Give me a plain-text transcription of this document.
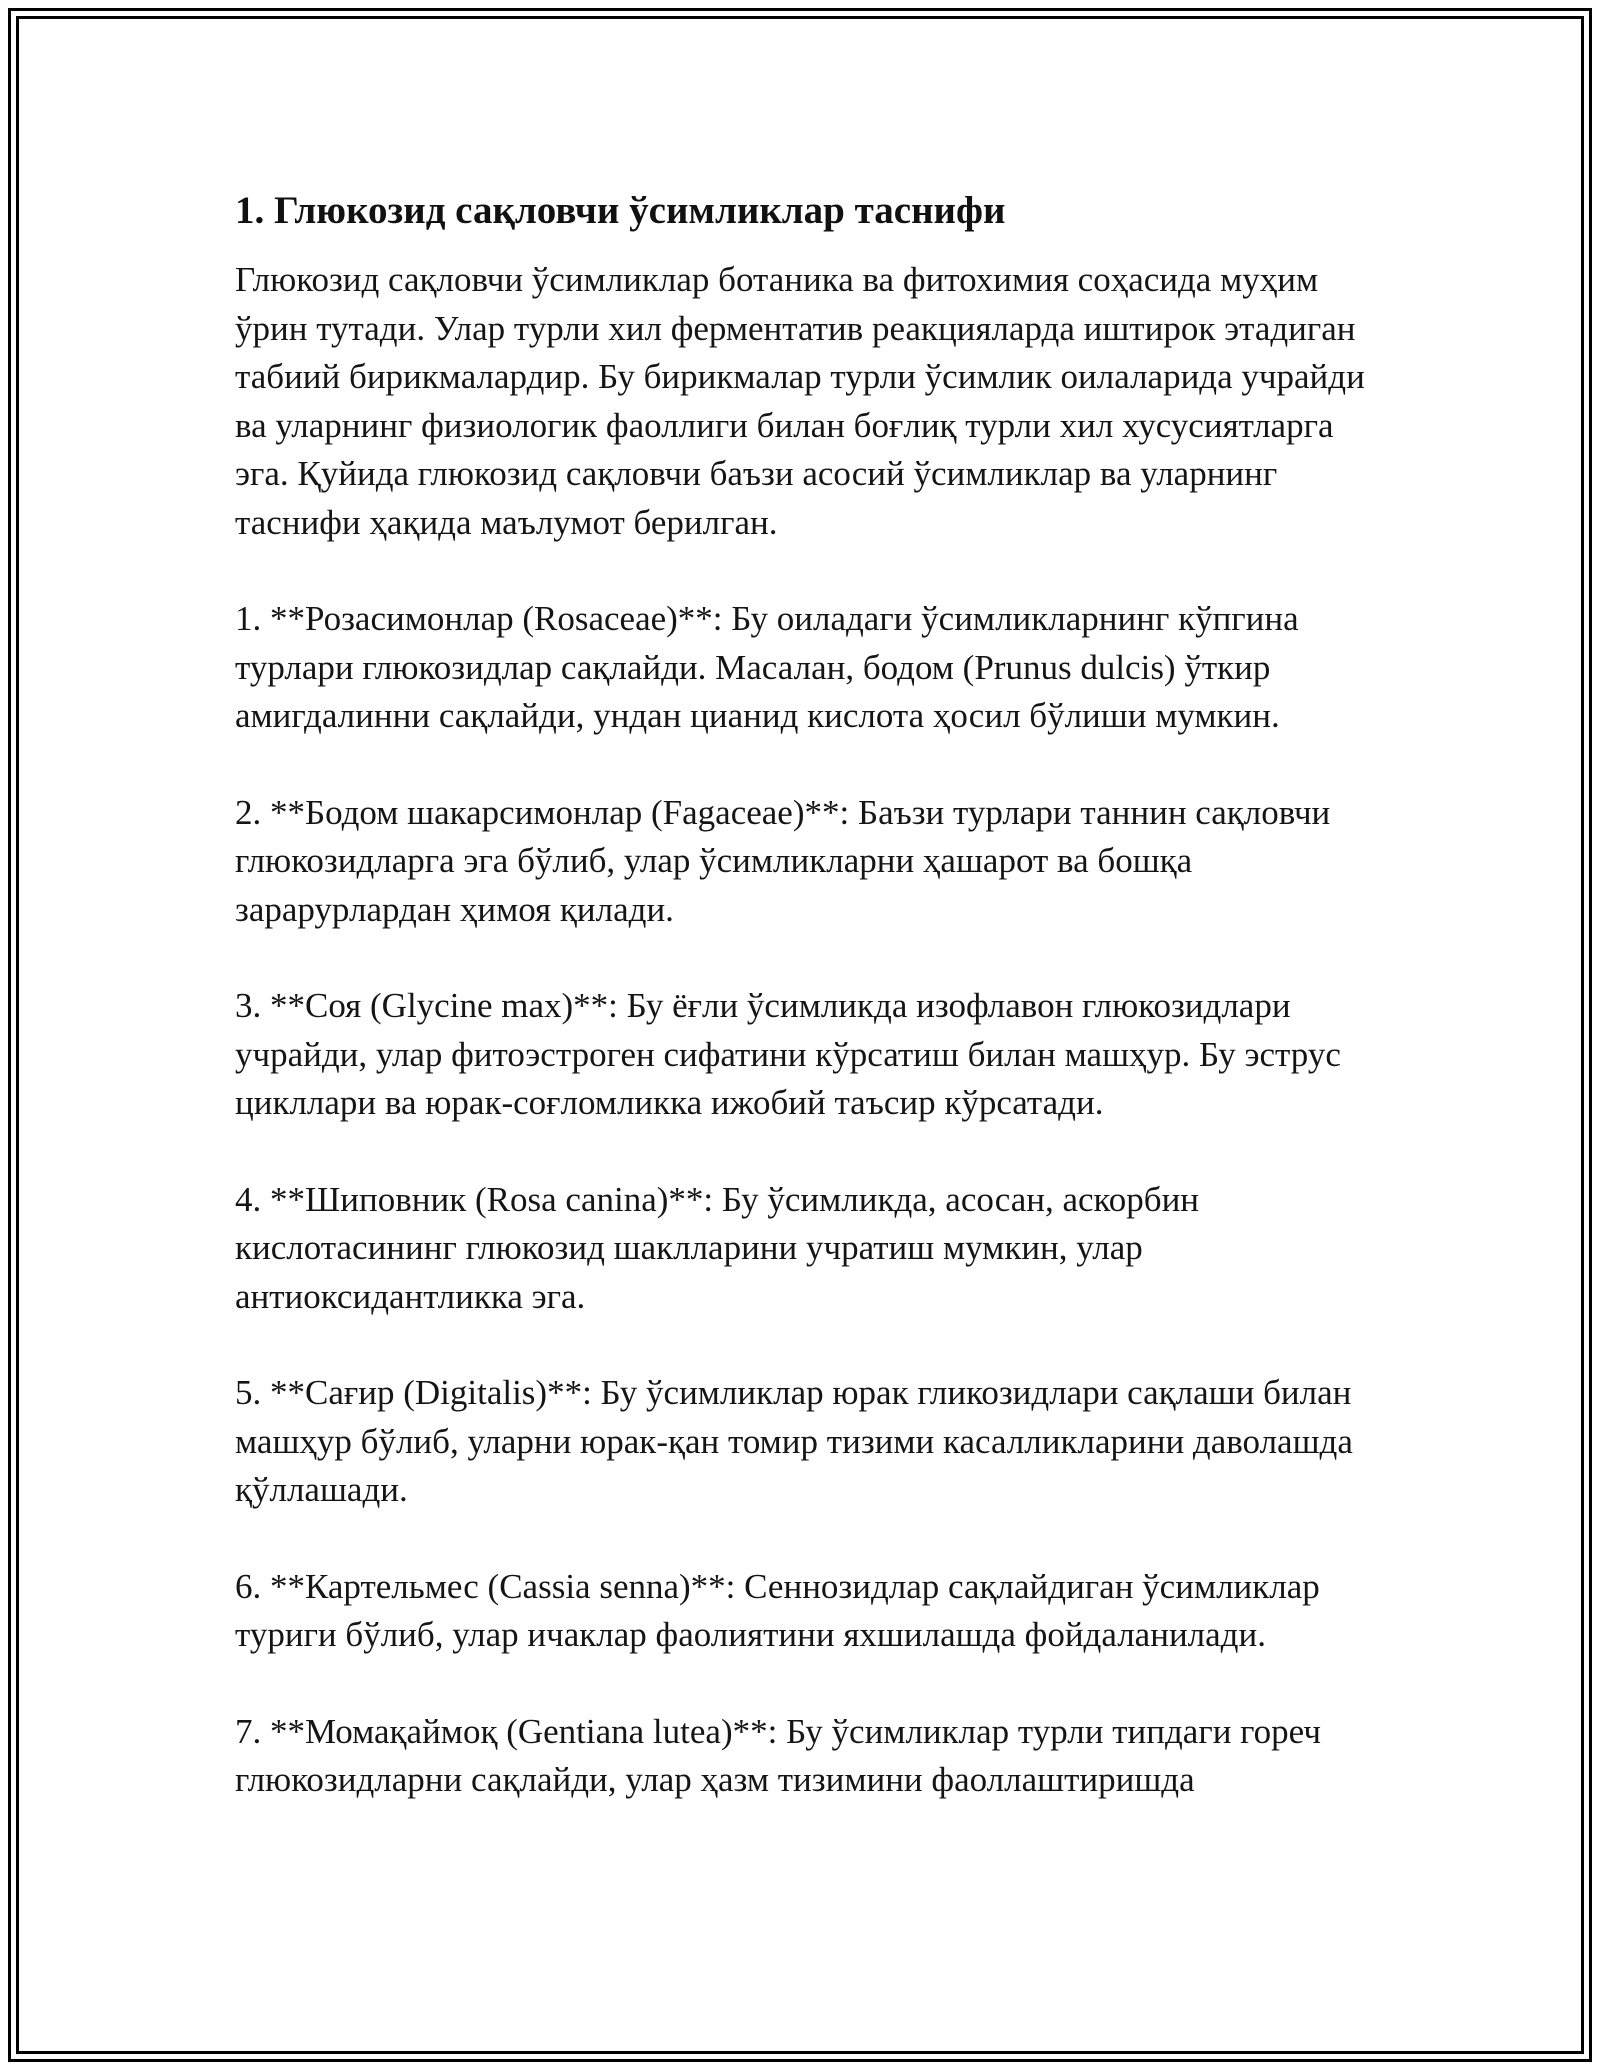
1. Глюкозид сақловчи ўсимликлар таснифи

Глюкозид сақловчи ўсимликлар ботаника ва фитохимия соҳасида муҳим ўрин тутади. Улар турли хил ферментатив реакцияларда иштирок этадиган табиий бирикмалардир. Бу бирикмалар турли ўсимлик оилаларида учрайди ва уларнинг физиологик фаоллиги билан боғлиқ турли хил хусусиятларга эга. Қуйида глюкозид сақловчи баъзи асосий ўсимликлар ва уларнинг таснифи ҳақида маълумот берилган.

1. **Розасимонлар (Rosaceae)**: Бу оиладаги ўсимликларнинг кўпгина турлари глюкозидлар сақлайди. Масалан, бодом (Prunus dulcis) ўткир амигдалинни сақлайди, ундан цианид кислота ҳосил бўлиши мумкин.

2. **Бодом шакарсимонлар (Fagaceae)**: Баъзи турлари таннин сақловчи глюкозидларга эга бўлиб, улар ўсимликларни ҳашарот ва бошқа зарарурлардан ҳимоя қилади.

3. **Соя (Glycine max)**: Бу ёғли ўсимликда изофлавон глюкозидлари учрайди, улар фитоэстроген сифатини кўрсатиш билан машҳур. Бу эструс цикллари ва юрак-соғломликка ижобий таъсир кўрсатади.

4. **Шиповник (Rosa canina)**: Бу ўсимликда, асосан, аскорбин кислотасининг глюкозид шаклларини учратиш мумкин, улар антиоксидантликка эга.

5. **Сағир (Digitalis)**: Бу ўсимликлар юрак гликозидлари сақлаши билан машҳур бўлиб, уларни юрак-қан томир тизими касалликларини даволашда қўллашади.

6. **Картельмес (Cassia senna)**: Сеннозидлар сақлайдиган ўсимликлар туриги бўлиб, улар ичаклар фаолиятини яхшилашда фойдаланилади.

7. **Момақаймоқ (Gentiana lutea)**: Бу ўсимликлар турли типдаги гореч глюкозидларни сақлайди, улар ҳазм тизимини фаоллаштиришда
